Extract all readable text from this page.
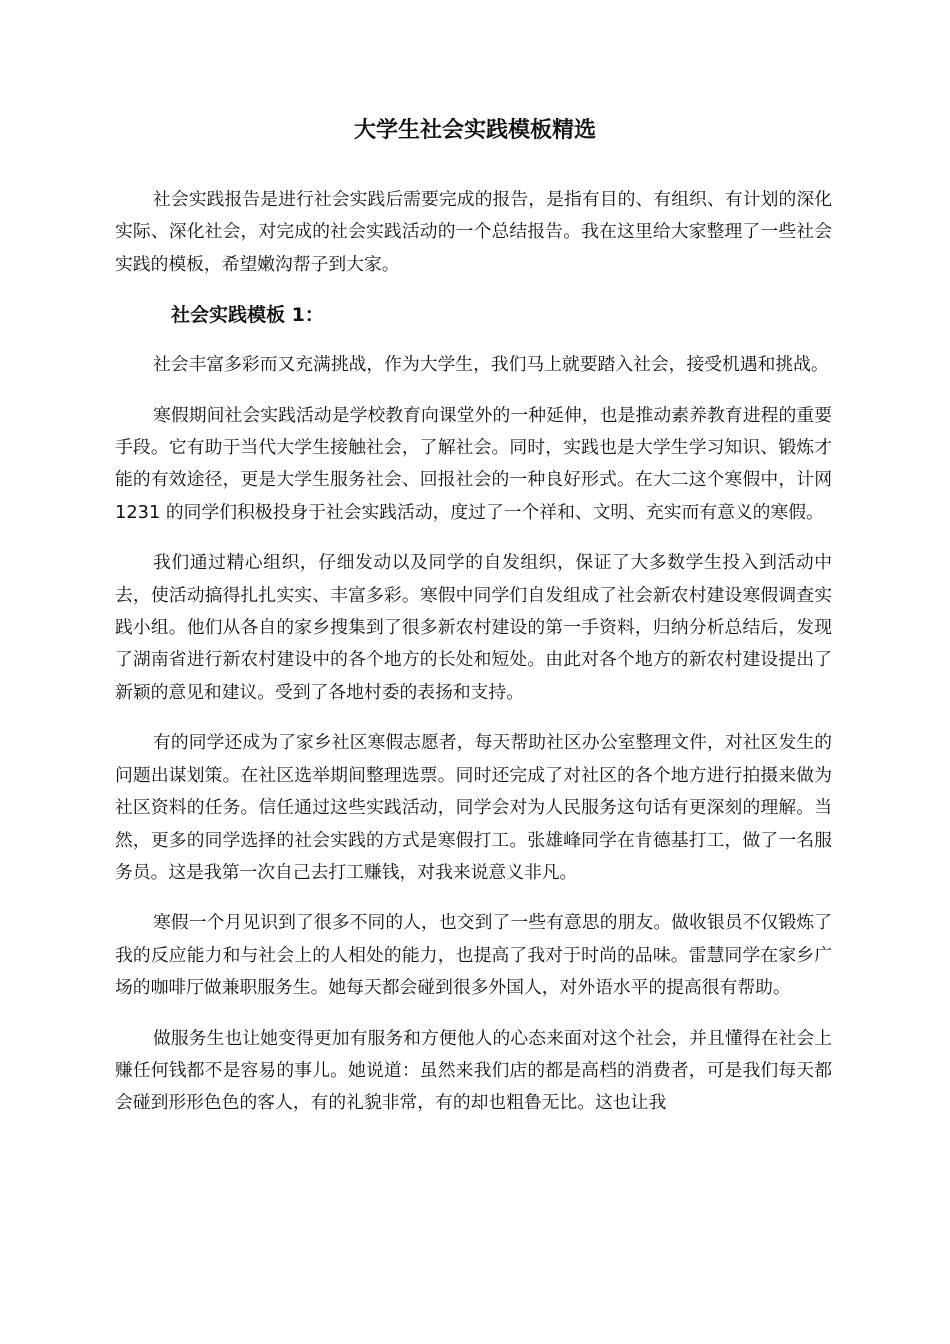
大学生社会实践模板精选

社会实践报告是进行社会实践后需要完成的报告，是指有目的、有组织、有计划的深化实际、深化社会，对完成的社会实践活动的一个总结报告。我在这里给大家整理了一些社会实践的模板，希望嫩沟帮子到大家。

社会实践模板 1：

社会丰富多彩而又充满挑战，作为大学生，我们马上就要踏入社会，接受机遇和挑战。

寒假期间社会实践活动是学校教育向课堂外的一种延伸，也是推动素养教育进程的重要手段。它有助于当代大学生接触社会，了解社会。同时，实践也是大学生学习知识、锻炼才能的有效途径，更是大学生服务社会、回报社会的一种良好形式。在大二这个寒假中，计网 1231 的同学们积极投身于社会实践活动，度过了一个祥和、文明、充实而有意义的寒假。

我们通过精心组织，仔细发动以及同学的自发组织，保证了大多数学生投入到活动中去，使活动搞得扎扎实实、丰富多彩。寒假中同学们自发组成了社会新农村建设寒假调查实践小组。他们从各自的家乡搜集到了很多新农村建设的第一手资料，归纳分析总结后，发现了湖南省进行新农村建设中的各个地方的长处和短处。由此对各个地方的新农村建设提出了新颖的意见和建议。受到了各地村委的表扬和支持。

有的同学还成为了家乡社区寒假志愿者，每天帮助社区办公室整理文件，对社区发生的问题出谋划策。在社区选举期间整理选票。同时还完成了对社区的各个地方进行拍摄来做为社区资料的任务。信任通过这些实践活动，同学会对为人民服务这句话有更深刻的理解。当然，更多的同学选择的社会实践的方式是寒假打工。张雄峰同学在肯德基打工，做了一名服务员。这是我第一次自己去打工赚钱，对我来说意义非凡。

寒假一个月见识到了很多不同的人，也交到了一些有意思的朋友。做收银员不仅锻炼了我的反应能力和与社会上的人相处的能力，也提高了我对于时尚的品味。雷慧同学在家乡广场的咖啡厅做兼职服务生。她每天都会碰到很多外国人，对外语水平的提高很有帮助。

做服务生也让她变得更加有服务和方便他人的心态来面对这个社会，并且懂得在社会上赚任何钱都不是容易的事儿。她说道：虽然来我们店的都是高档的消费者，可是我们每天都会碰到形形色色的客人，有的礼貌非常，有的却也粗鲁无比。这也让我
